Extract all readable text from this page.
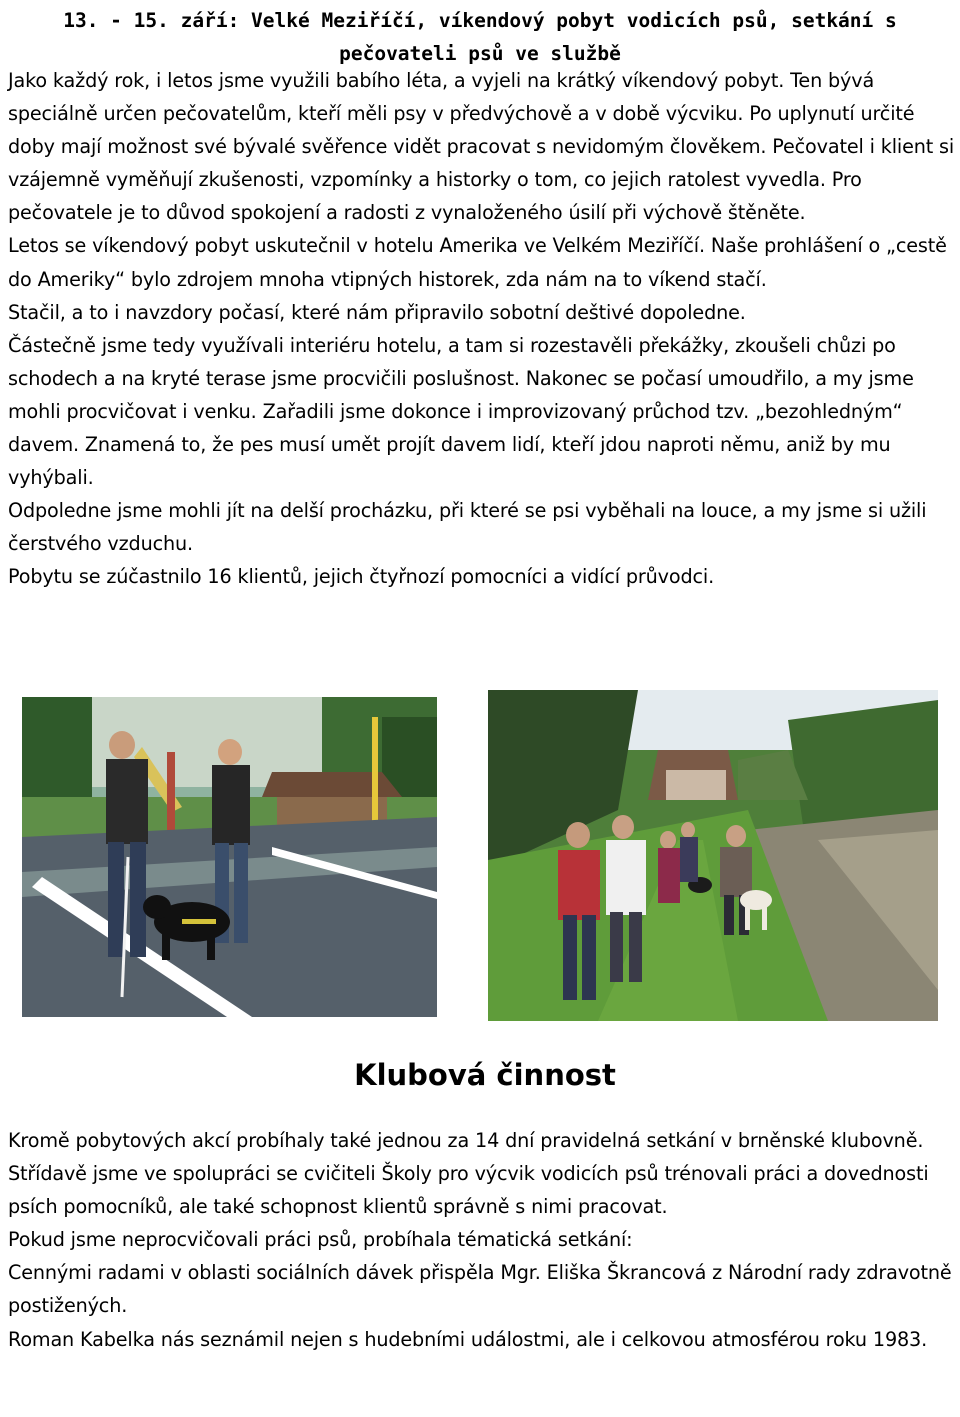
13. - 15. září: Velké Meziříčí, víkendový pobyt vodicích psů, setkání s
pečovateli psů ve službě

Jako každý rok, i letos jsme využili babího léta, a vyjeli na krátký víkendový pobyt. Ten bývá speciálně určen pečovatelům, kteří měli psy v předvýchově a v době výcviku. Po uplynutí určité doby mají možnost své bývalé svěřence vidět pracovat s nevidomým člověkem. Pečovatel i klient si vzájemně vyměňují zkušenosti, vzpomínky a historky o tom, co jejich ratolest vyvedla. Pro pečovatele je to důvod spokojení a radosti z vynaloženého úsilí při výchově štěněte.

Letos se víkendový pobyt uskutečnil v hotelu Amerika ve Velkém Meziříčí. Naše prohlášení o „cestě do Ameriky“ bylo zdrojem mnoha vtipných historek, zda nám na to víkend stačí.

Stačil, a to i navzdory počasí, které nám připravilo sobotní deštivé dopoledne.

Částečně jsme tedy využívali interiéru hotelu, a tam si rozestavěli překážky, zkoušeli chůzi po schodech a na kryté terase jsme procvičili poslušnost. Nakonec se počasí umoudřilo, a my jsme mohli procvičovat i venku. Zařadili jsme dokonce i improvizovaný průchod tzv. „bezohledným“ davem. Znamená to, že pes musí umět projít davem lidí, kteří jdou naproti němu, aniž by mu vyhýbali.

Odpoledne jsme mohli jít na delší procházku, při které se psi vyběhali na louce, a my jsme si užili čerstvého vzduchu.

Pobytu se zúčastnilo 16 klientů, jejich čtyřnozí pomocníci a vidící průvodci.

Klubová činnost

Kromě pobytových akcí probíhaly také jednou za 14 dní pravidelná setkání v brněnské klubovně. Střídavě jsme ve spolupráci se cvičiteli Školy pro výcvik vodicích psů trénovali práci a dovednosti psích pomocníků, ale také schopnost klientů správně s nimi pracovat.

Pokud jsme neprocvičovali práci psů, probíhala tématická setkání:

Cennými radami v oblasti sociálních dávek přispěla Mgr. Eliška Škrancová z Národní rady zdravotně postižených.

Roman Kabelka nás seznámil nejen s hudebními událostmi, ale i celkovou atmosférou roku 1983.
